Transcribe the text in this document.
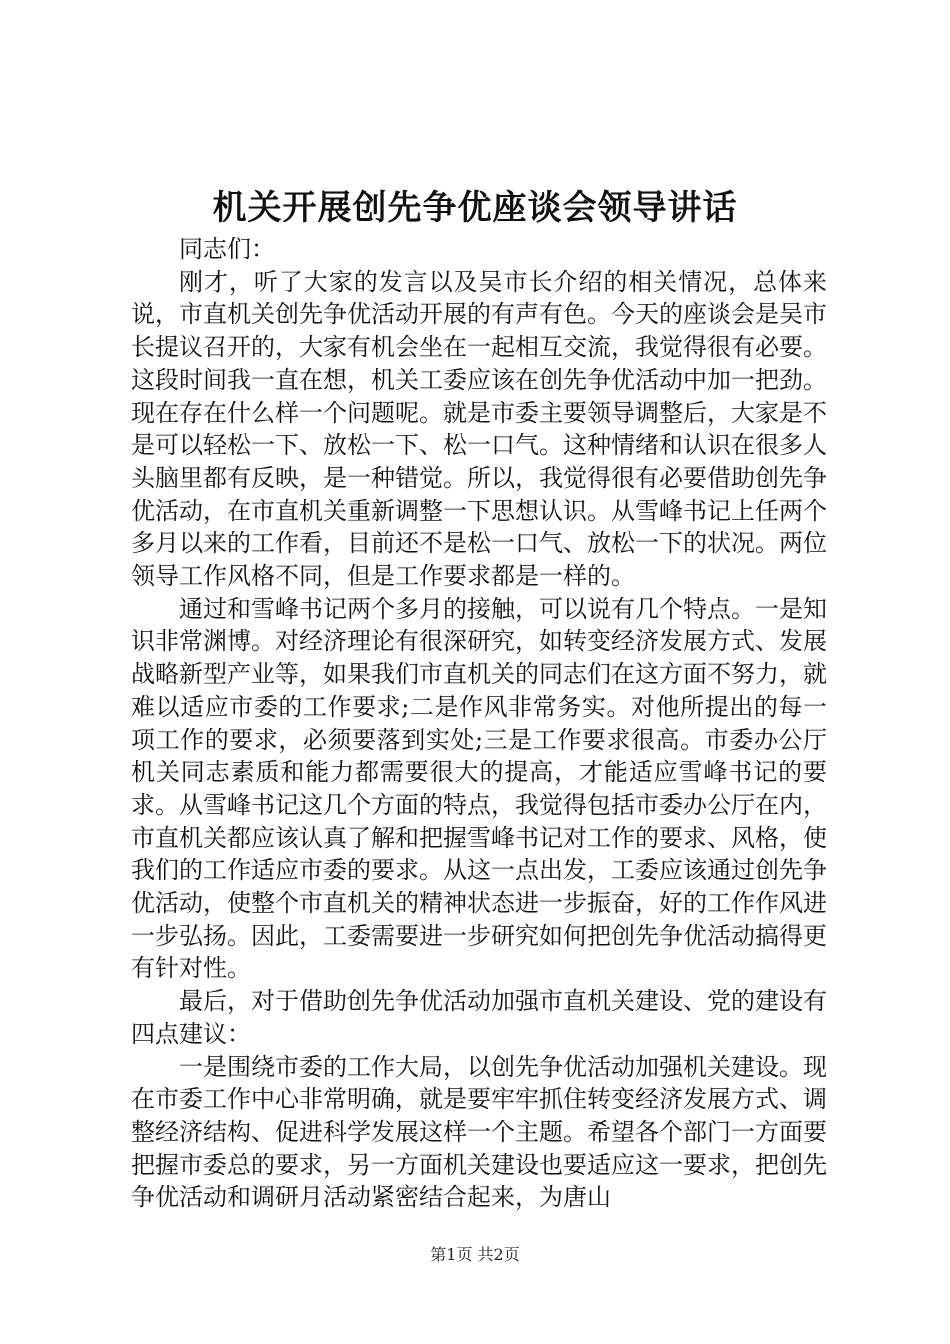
机关开展创先争优座谈会领导讲话

同志们：

刚才，听了大家的发言以及吴市长介绍的相关情况，总体来说，市直机关创先争优活动开展的有声有色。今天的座谈会是吴市长提议召开的，大家有机会坐在一起相互交流，我觉得很有必要。这段时间我一直在想，机关工委应该在创先争优活动中加一把劲。现在存在什么样一个问题呢。就是市委主要领导调整后，大家是不是可以轻松一下、放松一下、松一口气。这种情绪和认识在很多人头脑里都有反映，是一种错觉。所以，我觉得很有必要借助创先争优活动，在市直机关重新调整一下思想认识。从雪峰书记上任两个多月以来的工作看，目前还不是松一口气、放松一下的状况。两位领导工作风格不同，但是工作要求都是一样的。

通过和雪峰书记两个多月的接触，可以说有几个特点。一是知识非常渊博。对经济理论有很深研究，如转变经济发展方式、发展战略新型产业等，如果我们市直机关的同志们在这方面不努力，就难以适应市委的工作要求;二是作风非常务实。对他所提出的每一项工作的要求，必须要落到实处;三是工作要求很高。市委办公厅机关同志素质和能力都需要很大的提高，才能适应雪峰书记的要求。从雪峰书记这几个方面的特点，我觉得包括市委办公厅在内，市直机关都应该认真了解和把握雪峰书记对工作的要求、风格，使我们的工作适应市委的要求。从这一点出发，工委应该通过创先争优活动，使整个市直机关的精神状态进一步振奋，好的工作作风进一步弘扬。因此，工委需要进一步研究如何把创先争优活动搞得更有针对性。

最后，对于借助创先争优活动加强市直机关建设、党的建设有四点建议：

一是围绕市委的工作大局，以创先争优活动加强机关建设。现在市委工作中心非常明确，就是要牢牢抓住转变经济发展方式、调整经济结构、促进科学发展这样一个主题。希望各个部门一方面要把握市委总的要求，另一方面机关建设也要适应这一要求，把创先争优活动和调研月活动紧密结合起来，为唐山

第1页 共2页
